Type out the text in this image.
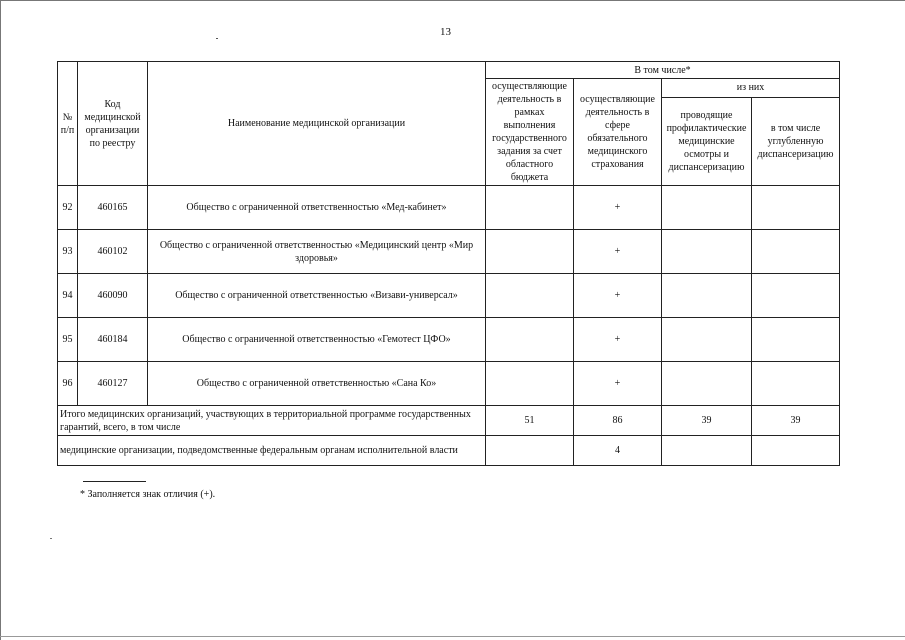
13
№ п/п	Код медицинской организации по реестру	Наименование медицинской организации	В том числе*			
			осуществляющие деятельность в рамках выполнения государственного задания за счет областного бюджета	осуществляющие деятельность в сфере обязательного медицинского страхования	из них	
					проводящие профилактические медицинские осмотры и диспансеризацию	в том числе углубленную диспансеризацию
92	460165	Общество с ограниченной ответственностью «Мед-кабинет»		+		
93	460102	Общество с ограниченной ответственностью «Медицинский центр «Мир здоровья»		+		
94	460090	Общество с ограниченной ответственностью «Визави-универсал»		+		
95	460184	Общество с ограниченной ответственностью «Гемотест ЦФО»		+		
96	460127	Общество с ограниченной ответственностью «Сана Ко»		+		
Итого медицинских организаций, участвующих в территориальной программе государственных гарантий, всего, в том числе			51	86	39	39
медицинские организации, подведомственные федеральным органам исполнительной власти				4		
* Заполняется знак отличия (+).
